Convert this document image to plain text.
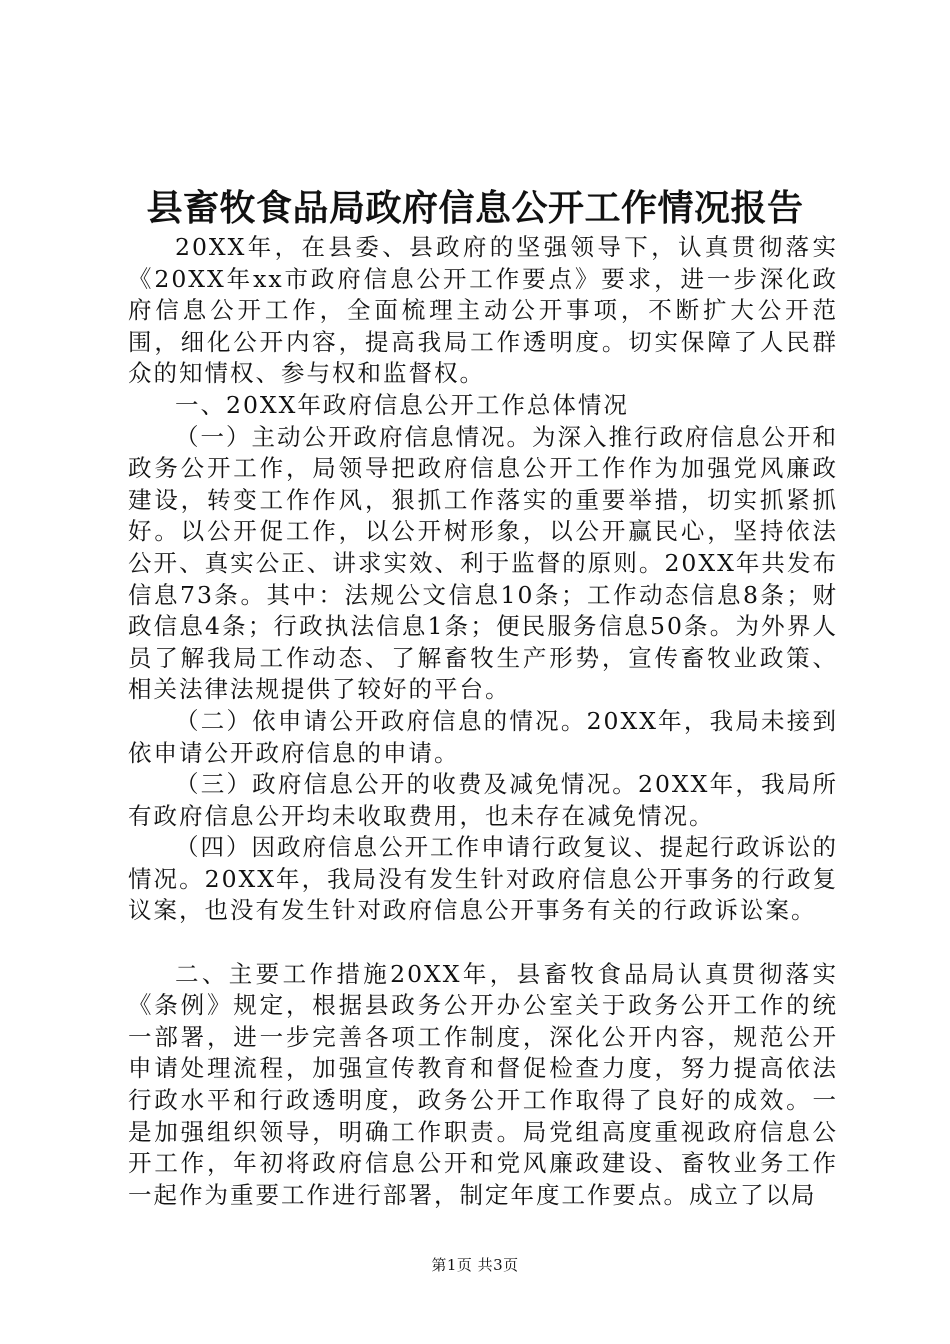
县畜牧食品局政府信息公开工作情况报告

20XX年，在县委、县政府的坚强领导下，认真贯彻落实《20XX年xx市政府信息公开工作要点》要求，进一步深化政府信息公开工作，全面梳理主动公开事项，不断扩大公开范围，细化公开内容，提高我局工作透明度。切实保障了人民群众的知情权、参与权和监督权。

一、20XX年政府信息公开工作总体情况

（一）主动公开政府信息情况。为深入推行政府信息公开和政务公开工作，局领导把政府信息公开工作作为加强党风廉政建设，转变工作作风，狠抓工作落实的重要举措，切实抓紧抓好。以公开促工作，以公开树形象，以公开赢民心，坚持依法公开、真实公正、讲求实效、利于监督的原则。20XX年共发布信息73条。其中：法规公文信息10条；工作动态信息8条；财政信息4条；行政执法信息1条；便民服务信息50条。为外界人员了解我局工作动态、了解畜牧生产形势，宣传畜牧业政策、相关法律法规提供了较好的平台。

（二）依申请公开政府信息的情况。20XX年，我局未接到依申请公开政府信息的申请。

（三）政府信息公开的收费及减免情况。20XX年，我局所有政府信息公开均未收取费用，也未存在减免情况。

（四）因政府信息公开工作申请行政复议、提起行政诉讼的情况。20XX年，我局没有发生针对政府信息公开事务的行政复议案，也没有发生针对政府信息公开事务有关的行政诉讼案。

二、主要工作措施20XX年，县畜牧食品局认真贯彻落实《条例》规定，根据县政务公开办公室关于政务公开工作的统一部署，进一步完善各项工作制度，深化公开内容，规范公开申请处理流程，加强宣传教育和督促检查力度，努力提高依法行政水平和行政透明度，政务公开工作取得了良好的成效。一是加强组织领导，明确工作职责。局党组高度重视政府信息公开工作，年初将政府信息公开和党风廉政建设、畜牧业务工作一起作为重要工作进行部署，制定年度工作要点。成立了以局

第1页 共3页
